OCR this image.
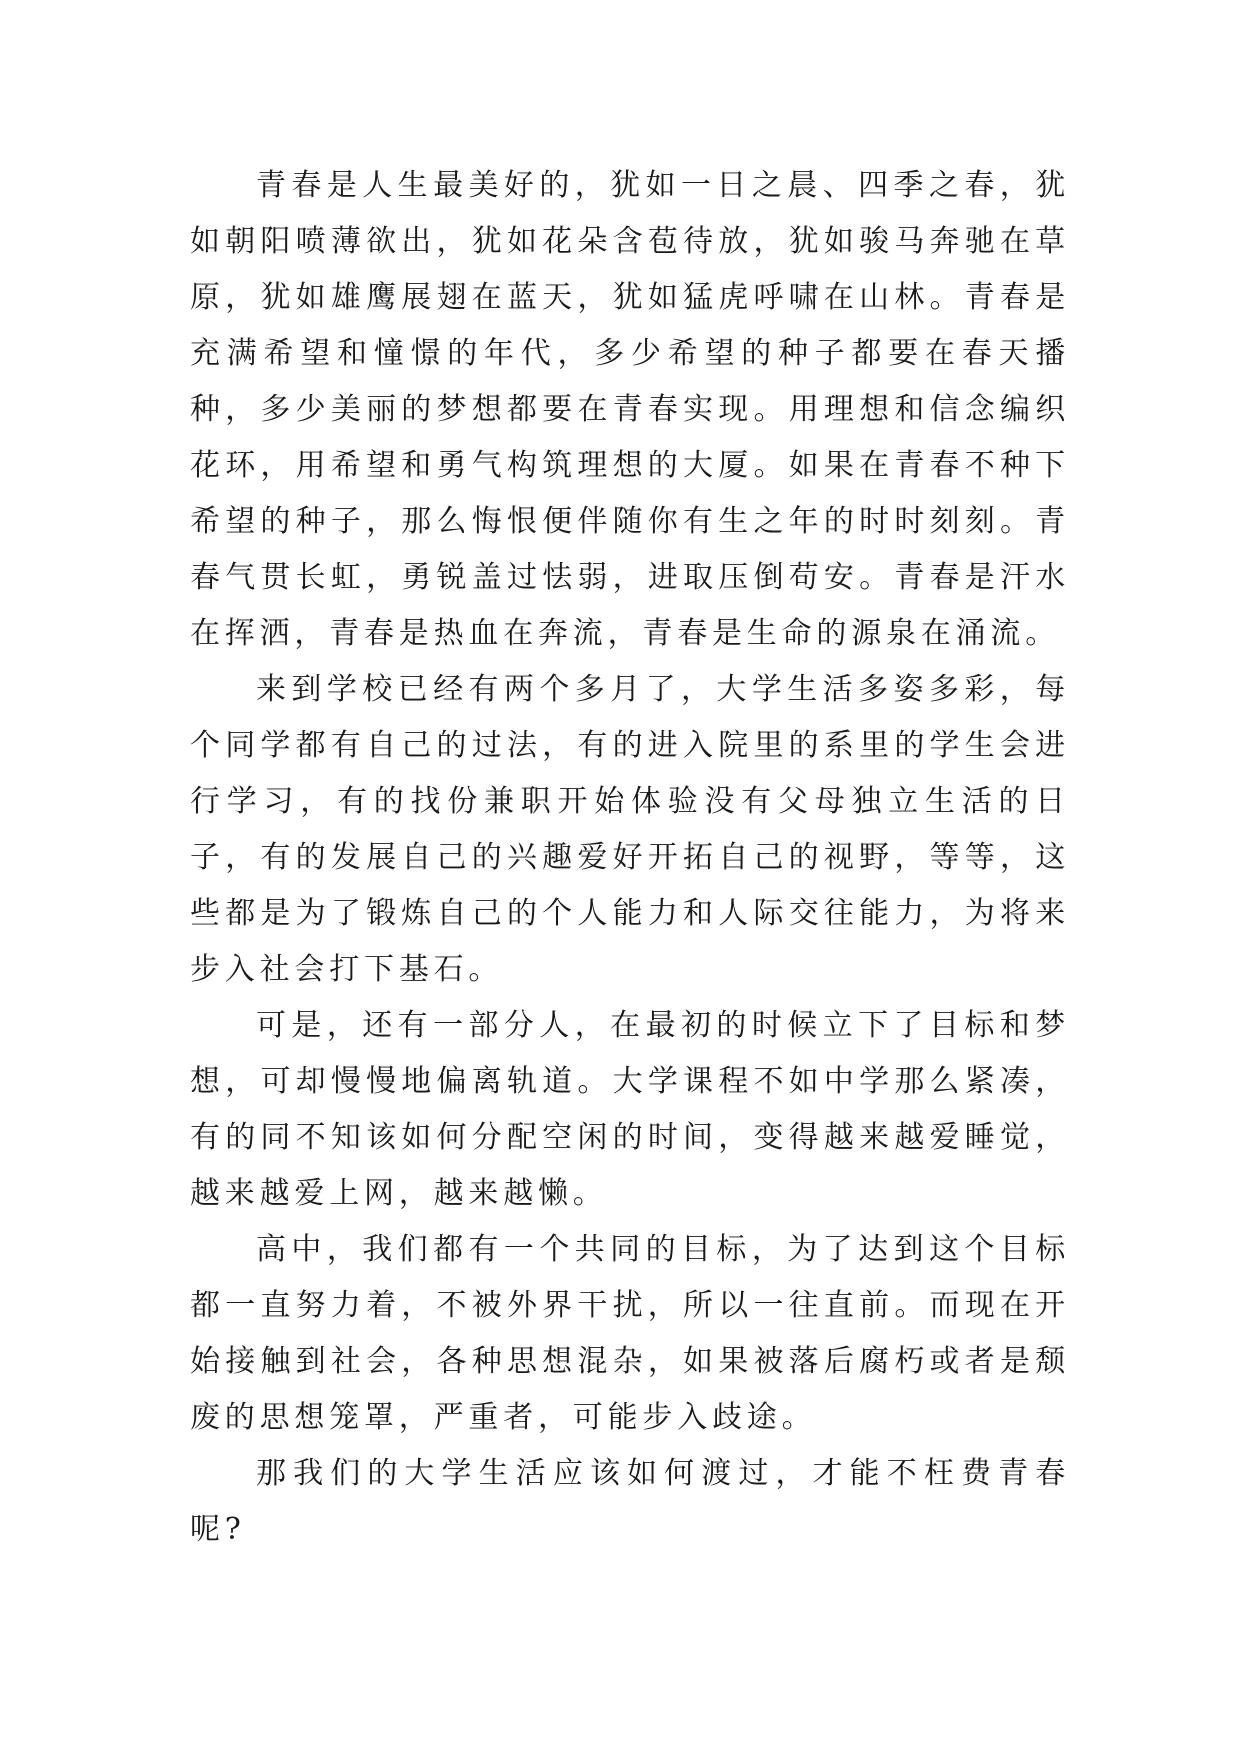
青春是人生最美好的，犹如一日之晨、四季之春，犹如朝阳喷薄欲出，犹如花朵含苞待放，犹如骏马奔驰在草原，犹如雄鹰展翅在蓝天，犹如猛虎呼啸在山林。青春是充满希望和憧憬的年代，多少希望的种子都要在春天播种，多少美丽的梦想都要在青春实现。用理想和信念编织花环，用希望和勇气构筑理想的大厦。如果在青春不种下希望的种子，那么悔恨便伴随你有生之年的时时刻刻。青春气贯长虹，勇锐盖过怯弱，进取压倒苟安。青春是汗水在挥洒，青春是热血在奔流，青春是生命的源泉在涌流。

来到学校已经有两个多月了，大学生活多姿多彩，每个同学都有自己的过法，有的进入院里的系里的学生会进行学习，有的找份兼职开始体验没有父母独立生活的日子，有的发展自己的兴趣爱好开拓自己的视野，等等，这些都是为了锻炼自己的个人能力和人际交往能力，为将来步入社会打下基石。

可是，还有一部分人，在最初的时候立下了目标和梦想，可却慢慢地偏离轨道。大学课程不如中学那么紧凑，有的同不知该如何分配空闲的时间，变得越来越爱睡觉，越来越爱上网，越来越懒。

高中，我们都有一个共同的目标，为了达到这个目标都一直努力着，不被外界干扰，所以一往直前。而现在开始接触到社会，各种思想混杂，如果被落后腐朽或者是颓废的思想笼罩，严重者，可能步入歧途。

那我们的大学生活应该如何渡过，才能不枉费青春呢?
